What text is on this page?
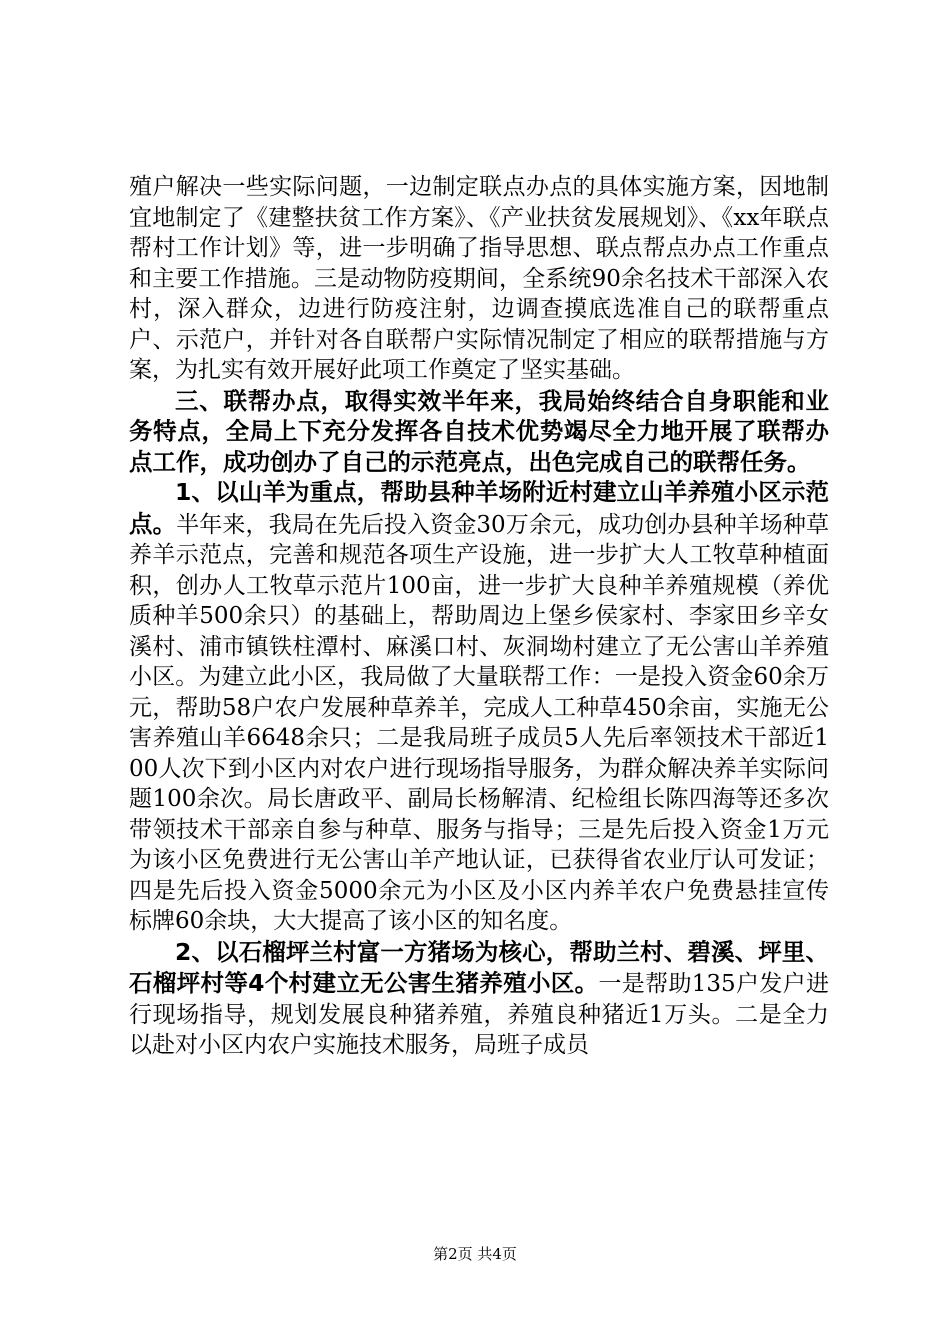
殖户解决一些实际问题，一边制定联点办点的具体实施方案，因地制宜地制定了《建整扶贫工作方案》、《产业扶贫发展规划》、《xx年联点帮村工作计划》等，进一步明确了指导思想、联点帮点办点工作重点和主要工作措施。三是动物防疫期间，全系统90余名技术干部深入农村，深入群众，边进行防疫注射，边调查摸底选准自己的联帮重点户、示范户，并针对各自联帮户实际情况制定了相应的联帮措施与方案，为扎实有效开展好此项工作奠定了坚实基础。

三、联帮办点，取得实效半年来，我局始终结合自身职能和业务特点，全局上下充分发挥各自技术优势竭尽全力地开展了联帮办点工作，成功创办了自己的示范亮点，出色完成自己的联帮任务。

1、以山羊为重点，帮助县种羊场附近村建立山羊养殖小区示范点。半年来，我局在先后投入资金30万余元，成功创办县种羊场种草养羊示范点，完善和规范各项生产设施，进一步扩大人工牧草种植面积，创办人工牧草示范片100亩，进一步扩大良种羊养殖规模（养优质种羊500余只）的基础上，帮助周边上堡乡侯家村、李家田乡辛女溪村、浦市镇铁柱潭村、麻溪口村、灰洞坳村建立了无公害山羊养殖小区。为建立此小区，我局做了大量联帮工作：一是投入资金60余万元，帮助58户农户发展种草养羊，完成人工种草450余亩，实施无公害养殖山羊6648余只；二是我局班子成员5人先后率领技术干部近100人次下到小区内对农户进行现场指导服务，为群众解决养羊实际问题100余次。局长唐政平、副局长杨解清、纪检组长陈四海等还多次带领技术干部亲自参与种草、服务与指导；三是先后投入资金1万元为该小区免费进行无公害山羊产地认证，已获得省农业厅认可发证；四是先后投入资金5000余元为小区及小区内养羊农户免费悬挂宣传标牌60余块，大大提高了该小区的知名度。

2、以石榴坪兰村富一方猪场为核心，帮助兰村、碧溪、坪里、石榴坪村等4个村建立无公害生猪养殖小区。一是帮助135户发户进行现场指导，规划发展良种猪养殖，养殖良种猪近1万头。二是全力以赴对小区内农户实施技术服务，局班子成员

第2页 共4页
